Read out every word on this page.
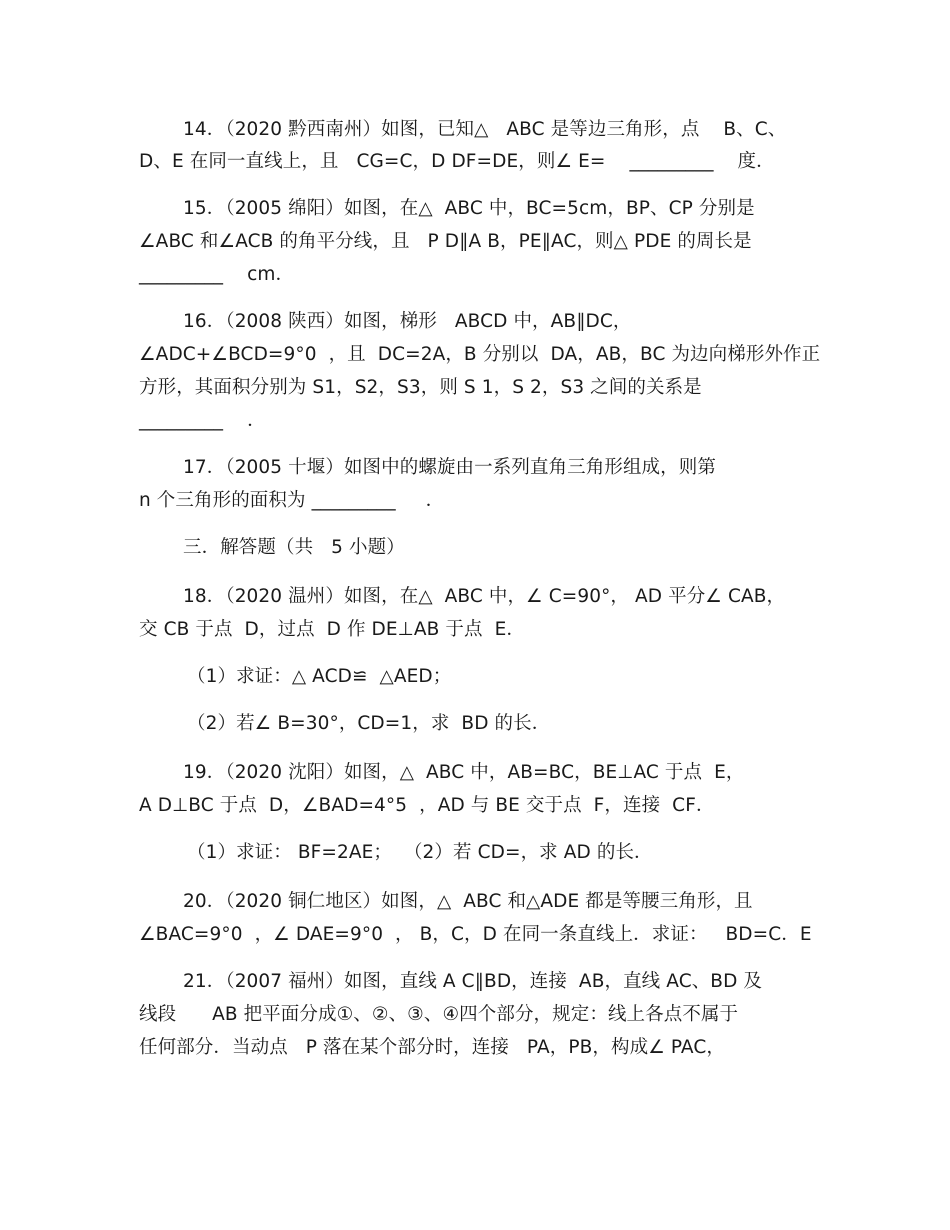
14．（2020 黔西南州）如图，已知△   ABC 是等边三角形，点    B、C、
D、E 在同一直线上，且   CG=C，D DF=DE，则∠ E=    _________    度．
15．（2005 绵阳）如图，在△  ABC 中，BC=5cm，BP、CP 分别是
∠ABC 和∠ACB 的角平分线，且   P D∥A B，PE∥AC，则△ PDE 的周长是
_________    cm．
16．（2008 陕西）如图，梯形   ABCD 中，AB∥DC，
∠ADC+∠BCD=9°0  ，且  DC=2A，B 分别以  DA，AB，BC 为边向梯形外作正
方形，其面积分别为 S1，S2，S3，则 S 1，S 2，S3 之间的关系是
_________    ．
17．（2005 十堰）如图中的螺旋由一系列直角三角形组成，则第
n 个三角形的面积为 _________     ．
三．解答题（共   5 小题）
18．（2020 温州）如图，在△  ABC 中，∠ C=90°， AD 平分∠ CAB，
交 CB 于点  D，过点  D 作 DE⊥AB 于点  E．
（1）求证：△ ACD≌  △AED；
（2）若∠ B=30°，CD=1，求  BD 的长．
19．（2020 沈阳）如图，△  ABC 中，AB=BC，BE⊥AC 于点  E，
A D⊥BC 于点  D，∠BAD=4°5  ，AD 与 BE 交于点  F，连接  CF．
（1）求证： BF=2AE；  （2）若 CD=，求 AD 的长．
20．（2020 铜仁地区）如图，△  ABC 和△ADE 都是等腰三角形，且
∠BAC=9°0  ，∠ DAE=9°0  ， B，C，D 在同一条直线上．求证：   BD=C．E
21．（2007 福州）如图，直线 A C∥BD，连接  AB，直线 AC、BD 及
线段      AB 把平面分成①、②、③、④四个部分，规定：线上各点不属于
任何部分．当动点   P 落在某个部分时，连接   PA，PB，构成∠ PAC，
